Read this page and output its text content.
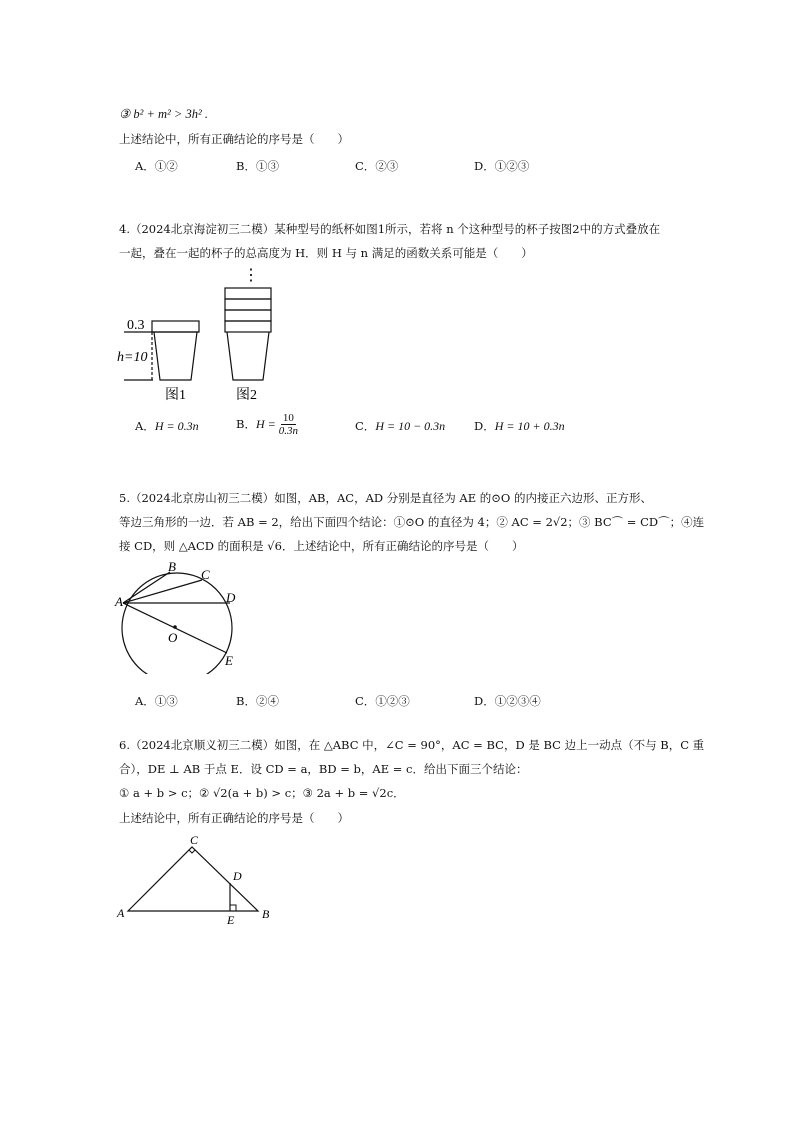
③ b² + m² > 3h² .
上述结论中，所有正确结论的序号是（　　）
A．①②	B．①③	C．②③	D．①②③
4.（2024北京海淀初三二模）某种型号的纸杯如图1所示，若将 n 个这种型号的杯子按图2中的方式叠放在
一起，叠在一起的杯子的总高度为 H．则 H 与 n 满足的函数关系可能是（　　）
0.3
h=10
图1
⋮
图2
A．H = 0.3n	B． $H = \frac{10}{0.3n}$	C．H = 10 − 0.3n	D．H = 10 + 0.3n
5.（2024北京房山初三二模）如图，AB，AC，AD 分别是直径为 AE 的⊙O 的内接正六边形、正方形、
等边三角形的一边．若 AB = 2，给出下面四个结论：①⊙O 的直径为 4；② AC = 2√2；③ BC⌒ = CD⌒；④连
接 CD，则 △ACD 的面积是 √6．上述结论中，所有正确结论的序号是（　　）
A
B
C
D
O
E
A．①③	B．②④	C．①②③	D．①②③④
6.（2024北京顺义初三二模）如图，在 △ABC 中，∠C = 90°，AC = BC，D 是 BC 边上一动点（不与 B，C 重
合），DE ⊥ AB 于点 E．设 CD = a，BD = b，AE = c．给出下面三个结论：
① a + b > c；② √2(a + b) > c；③ 2a + b = √2c．
上述结论中，所有正确结论的序号是（　　）
A
C
D
E B
